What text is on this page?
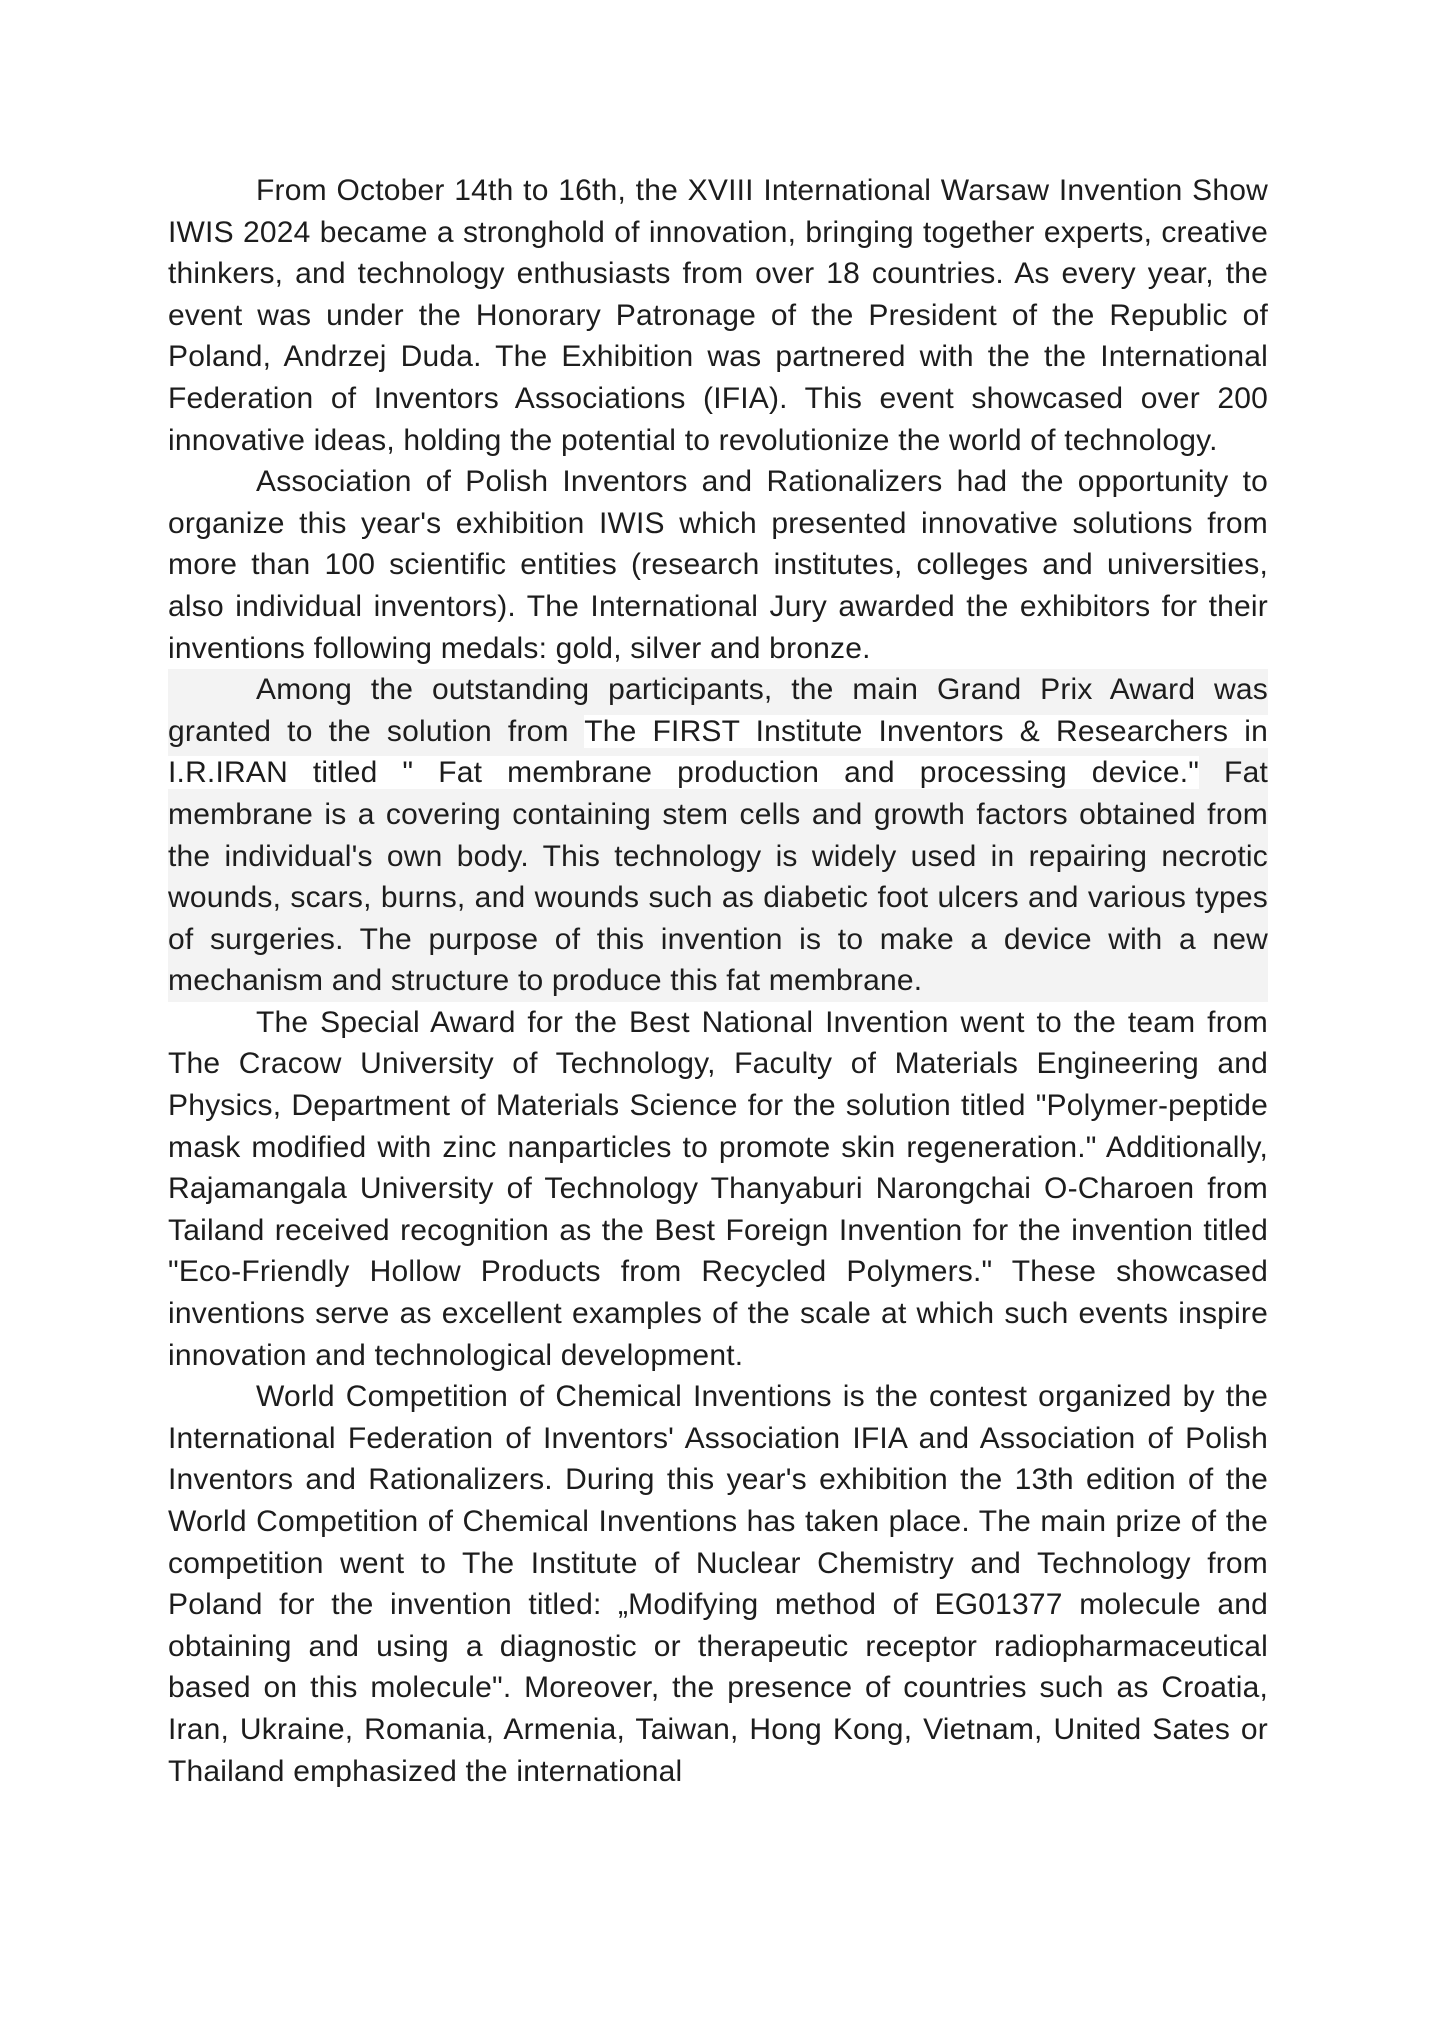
From October 14th to 16th, the XVIII International Warsaw Invention Show IWIS 2024 became a stronghold of innovation, bringing together experts, creative thinkers, and technology enthusiasts from over 18 countries. As every year, the event was under the Honorary Patronage of the President of the Republic of Poland, Andrzej Duda. The Exhibition was partnered with the the International Federation of Inventors Associations (IFIA). This event showcased over 200 innovative ideas, holding the potential to revolutionize the world of technology.

Association of Polish Inventors and Rationalizers had the opportunity to organize this year's exhibition IWIS which presented innovative solutions from more than 100 scientific entities (research institutes, colleges and universities, also individual inventors). The International Jury awarded the exhibitors for their inventions following medals: gold, silver and bronze.

Among the outstanding participants, the main Grand Prix Award was granted to the solution from The FIRST Institute Inventors & Researchers in I.R.IRAN titled " Fat membrane production and processing device." Fat membrane is a covering containing stem cells and growth factors obtained from the individual's own body. This technology is widely used in repairing necrotic wounds, scars, burns, and wounds such as diabetic foot ulcers and various types of surgeries. The purpose of this invention is to make a device with a new mechanism and structure to produce this fat membrane.

The Special Award for the Best National Invention went to the team from The Cracow University of Technology, Faculty of Materials Engineering and Physics, Department of Materials Science for the solution titled "Polymer-peptide mask modified with zinc nanparticles to promote skin regeneration." Additionally, Rajamangala University of Technology Thanyaburi Narongchai O-Charoen from Tailand received recognition as the Best Foreign Invention for the invention titled "Eco-Friendly Hollow Products from Recycled Polymers." These showcased inventions serve as excellent examples of the scale at which such events inspire innovation and technological development.

World Competition of Chemical Inventions is the contest organized by the International Federation of Inventors' Association IFIA and Association of Polish Inventors and Rationalizers. During this year's exhibition the 13th edition of the World Competition of Chemical Inventions has taken place. The main prize of the competition went to The Institute of Nuclear Chemistry and Technology from Poland for the invention titled: „Modifying method of EG01377 molecule and obtaining and using a diagnostic or therapeutic receptor radiopharmaceutical based on this molecule". Moreover, the presence of countries such as Croatia, Iran, Ukraine, Romania, Armenia, Taiwan, Hong Kong, Vietnam, United Sates or Thailand emphasized the international
